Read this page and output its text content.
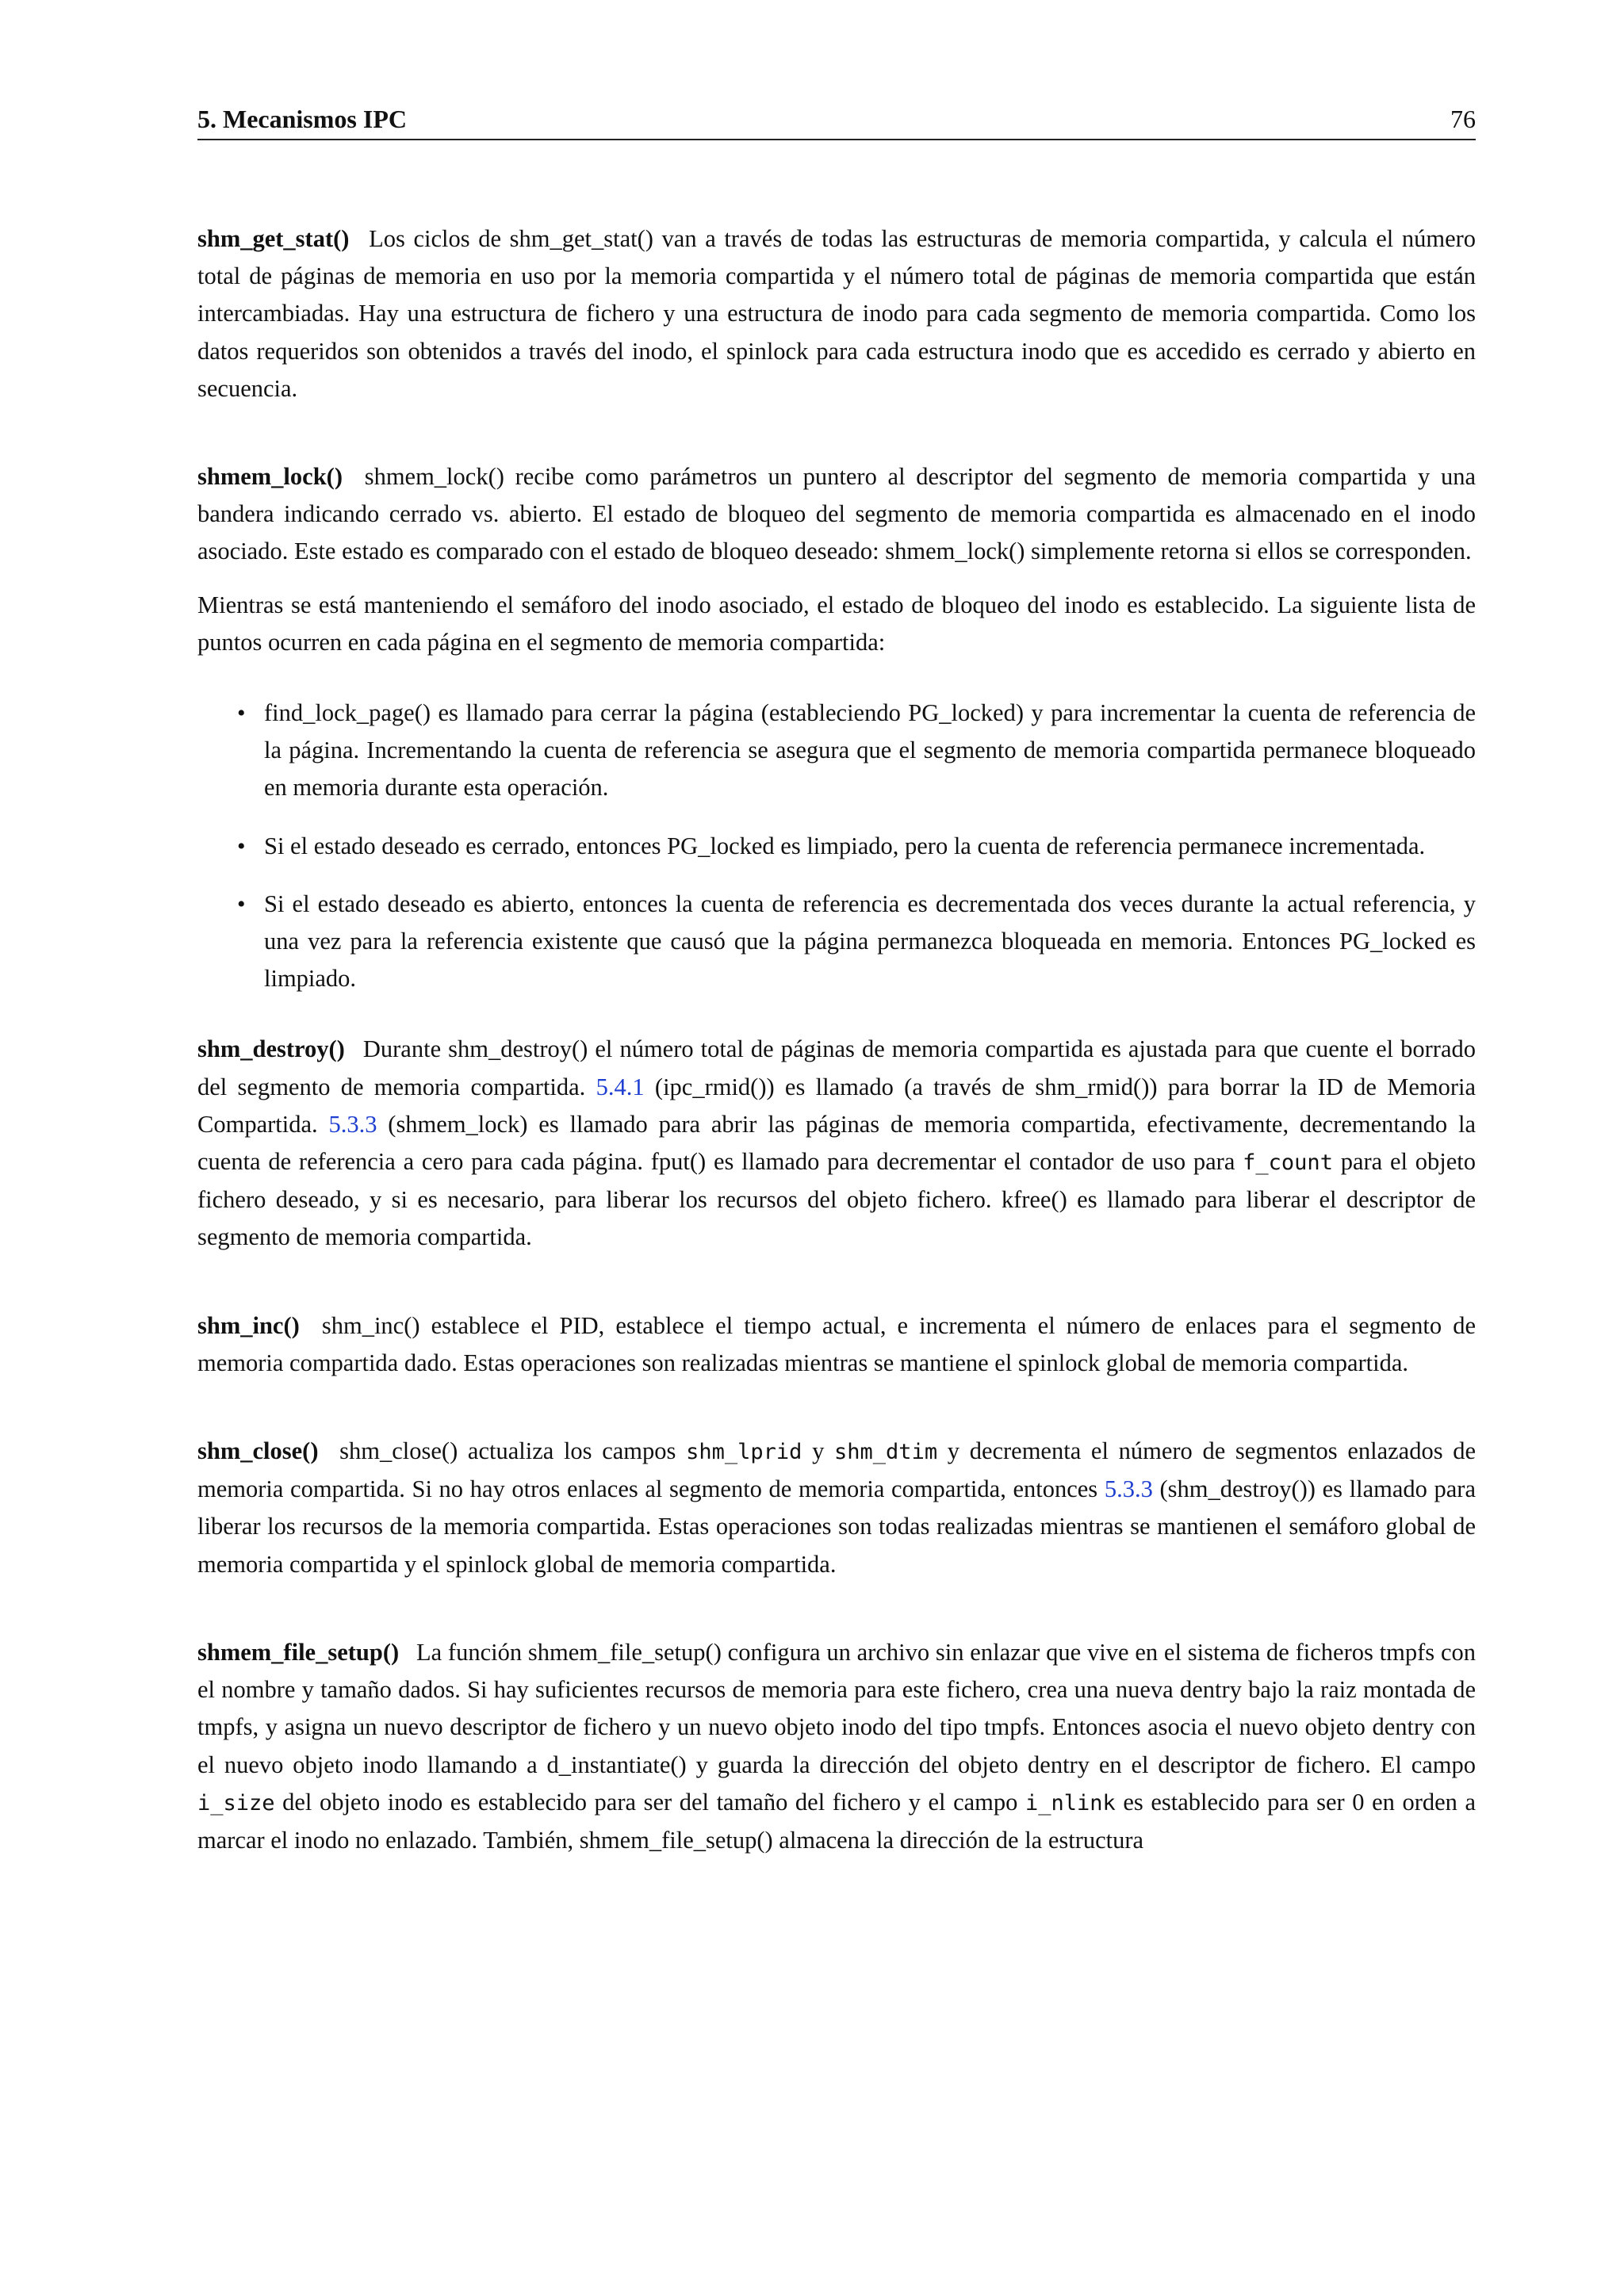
5. Mecanismos IPC	76

shm_get_stat() Los ciclos de shm_get_stat() van a través de todas las estructuras de memoria compartida, y calcula el número total de páginas de memoria en uso por la memoria compartida y el número total de páginas de memoria compartida que están intercambiadas. Hay una estructura de fichero y una estructura de inodo para cada segmento de memoria compartida. Como los datos requeridos son obtenidos a través del inodo, el spinlock para cada estructura inodo que es accedido es cerrado y abierto en secuencia.

shmem_lock() shmem_lock() recibe como parámetros un puntero al descriptor del segmento de memoria compartida y una bandera indicando cerrado vs. abierto. El estado de bloqueo del segmento de memoria compartida es almacenado en el inodo asociado. Este estado es comparado con el estado de bloqueo deseado: shmem_lock() simplemente retorna si ellos se corresponden.

Mientras se está manteniendo el semáforo del inodo asociado, el estado de bloqueo del inodo es establecido. La siguiente lista de puntos ocurren en cada página en el segmento de memoria compartida:

• find_lock_page() es llamado para cerrar la página (estableciendo PG_locked) y para incrementar la cuenta de referencia de la página. Incrementando la cuenta de referencia se asegura que el segmento de memoria compartida permanece bloqueado en memoria durante esta operación.
• Si el estado deseado es cerrado, entonces PG_locked es limpiado, pero la cuenta de referencia permanece incrementada.
• Si el estado deseado es abierto, entonces la cuenta de referencia es decrementada dos veces durante la actual referencia, y una vez para la referencia existente que causó que la página permanezca bloqueada en memoria. Entonces PG_locked es limpiado.

shm_destroy() Durante shm_destroy() el número total de páginas de memoria compartida es ajustada para que cuente el borrado del segmento de memoria compartida. 5.4.1 (ipc_rmid()) es llamado (a través de shm_rmid()) para borrar la ID de Memoria Compartida. 5.3.3 (shmem_lock) es llamado para abrir las páginas de memoria compartida, efectivamente, decrementando la cuenta de referencia a cero para cada página. fput() es llamado para decrementar el contador de uso para f_count para el objeto fichero deseado, y si es necesario, para liberar los recursos del objeto fichero. kfree() es llamado para liberar el descriptor de segmento de memoria compartida.

shm_inc() shm_inc() establece el PID, establece el tiempo actual, e incrementa el número de enlaces para el segmento de memoria compartida dado. Estas operaciones son realizadas mientras se mantiene el spinlock global de memoria compartida.

shm_close() shm_close() actualiza los campos shm_lprid y shm_dtim y decrementa el número de segmentos enlazados de memoria compartida. Si no hay otros enlaces al segmento de memoria compartida, entonces 5.3.3 (shm_destroy()) es llamado para liberar los recursos de la memoria compartida. Estas operaciones son todas realizadas mientras se mantienen el semáforo global de memoria compartida y el spinlock global de memoria compartida.

shmem_file_setup() La función shmem_file_setup() configura un archivo sin enlazar que vive en el sistema de ficheros tmpfs con el nombre y tamaño dados. Si hay suficientes recursos de memoria para este fichero, crea una nueva dentry bajo la raiz montada de tmpfs, y asigna un nuevo descriptor de fichero y un nuevo objeto inodo del tipo tmpfs. Entonces asocia el nuevo objeto dentry con el nuevo objeto inodo llamando a d_instantiate() y guarda la dirección del objeto dentry en el descriptor de fichero. El campo i_size del objeto inodo es establecido para ser del tamaño del fichero y el campo i_nlink es establecido para ser 0 en orden a marcar el inodo no enlazado. También, shmem_file_setup() almacena la dirección de la estructura
